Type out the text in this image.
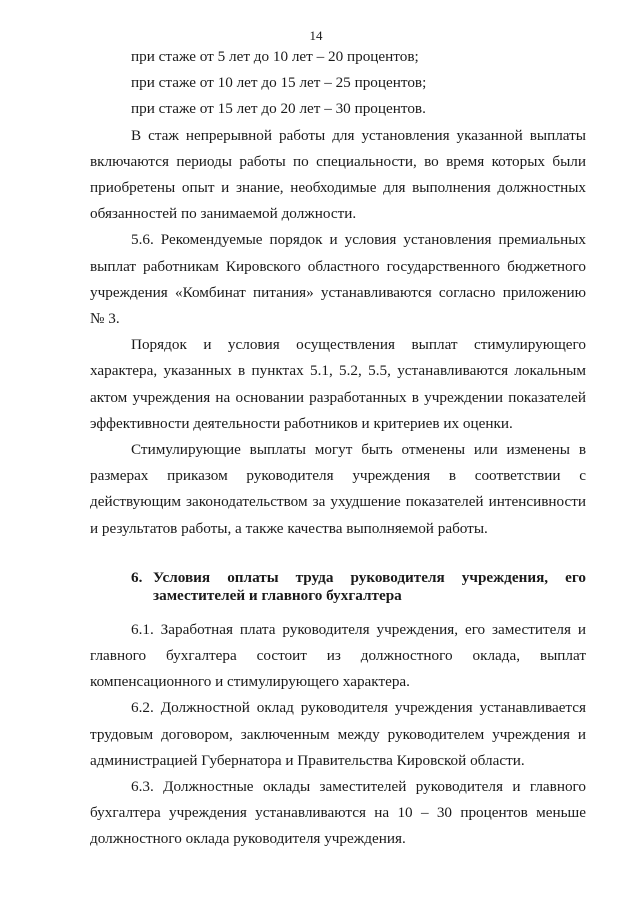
14

при стаже от 5 лет до 10 лет – 20 процентов;

при стаже от 10 лет до 15 лет – 25 процентов;

при стаже от 15 лет до 20 лет – 30 процентов.

В стаж непрерывной работы для установления указанной выплаты включаются периоды работы по специальности, во время которых были приобретены опыт и знание, необходимые для выполнения должностных обязанностей по занимаемой должности.

5.6. Рекомендуемые порядок и условия установления премиальных выплат работникам Кировского областного государственного бюджетного учреждения «Комбинат питания» устанавливаются согласно приложению № 3.

Порядок и условия осуществления выплат стимулирующего характера, указанных в пунктах 5.1, 5.2, 5.5, устанавливаются локальным актом учреждения на основании разработанных в учреждении показателей эффективности деятельности работников и критериев их оценки.

Стимулирующие выплаты могут быть отменены или изменены в размерах приказом руководителя учреждения в соответствии с действующим законодательством за ухудшение показателей интенсивности и результатов работы, а также качества выполняемой работы.

6. Условия оплаты труда руководителя учреждения, его заместителей и главного бухгалтера

6.1. Заработная плата руководителя учреждения, его заместителя и главного бухгалтера состоит из должностного оклада, выплат компенсационного и стимулирующего характера.

6.2. Должностной оклад руководителя учреждения устанавливается трудовым договором, заключенным между руководителем учреждения и администрацией Губернатора и Правительства Кировской области.

6.3. Должностные оклады заместителей руководителя и главного бухгалтера учреждения устанавливаются на 10 – 30 процентов меньше должностного оклада руководителя учреждения.
